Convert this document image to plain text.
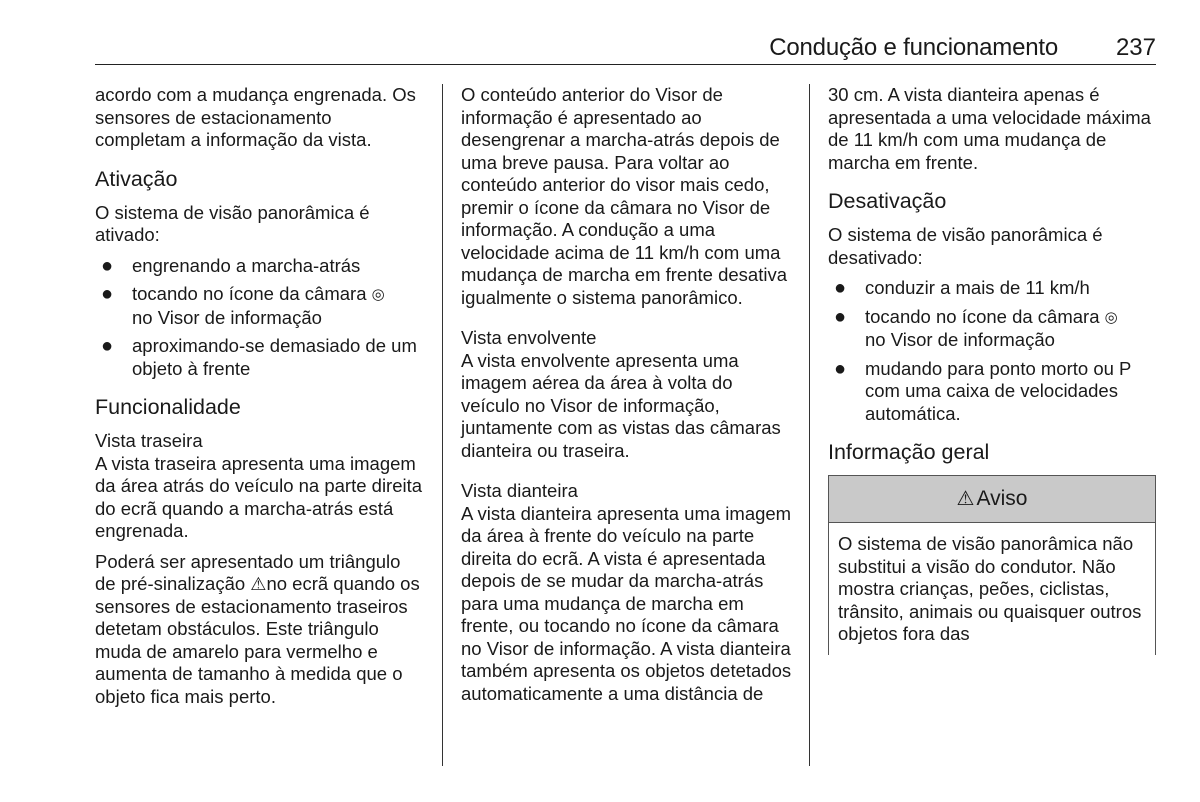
Condução e funcionamento 237

acordo com a mudança engrenada. Os sensores de estacionamento completam a informação da vista.

Ativação

O sistema de visão panorâmica é ativado:

● engrenando a marcha-atrás
● tocando no ícone da câmara ◎
no Visor de informação
● aproximando-se demasiado de um objeto à frente
Funcionalidade
Vista traseira

A vista traseira apresenta uma imagem da área atrás do veículo na parte direita do ecrã quando a marcha-atrás está engrenada.

Poderá ser apresentado um triângulo de pré-sinalização ⚠no ecrã quando os sensores de estacionamento traseiros detetam obstáculos. Este triângulo muda de amarelo para vermelho e aumenta de tamanho à medida que o objeto fica mais perto.

O conteúdo anterior do Visor de informação é apresentado ao desengrenar a marcha-atrás depois de uma breve pausa. Para voltar ao conteúdo anterior do visor mais cedo, premir o ícone da câmara no Visor de informação. A condução a uma velocidade acima de 11 km/h com uma mudança de marcha em frente desativa igualmente o sistema panorâmico.

Vista envolvente

A vista envolvente apresenta uma imagem aérea da área à volta do veículo no Visor de informação, juntamente com as vistas das câmaras dianteira ou traseira.

Vista dianteira

A vista dianteira apresenta uma imagem da área à frente do veículo na parte direita do ecrã. A vista é apresentada depois de se mudar da marcha-atrás para uma mudança de marcha em frente, ou tocando no ícone da câmara no Visor de informação. A vista dianteira também apresenta os objetos detetados automaticamente a uma distância de

30 cm. A vista dianteira apenas é apresentada a uma velocidade máxima de 11 km/h com uma mudança de marcha em frente.

Desativação

O sistema de visão panorâmica é desativado:

● conduzir a mais de 11 km/h
● tocando no ícone da câmara ◎
no Visor de informação
● mudando para ponto morto ou P com uma caixa de velocidades automática.
Informação geral
⚠Aviso
O sistema de visão panorâmica não substitui a visão do condutor. Não mostra crianças, peões, ciclistas, trânsito, animais ou quaisquer outros objetos fora das
